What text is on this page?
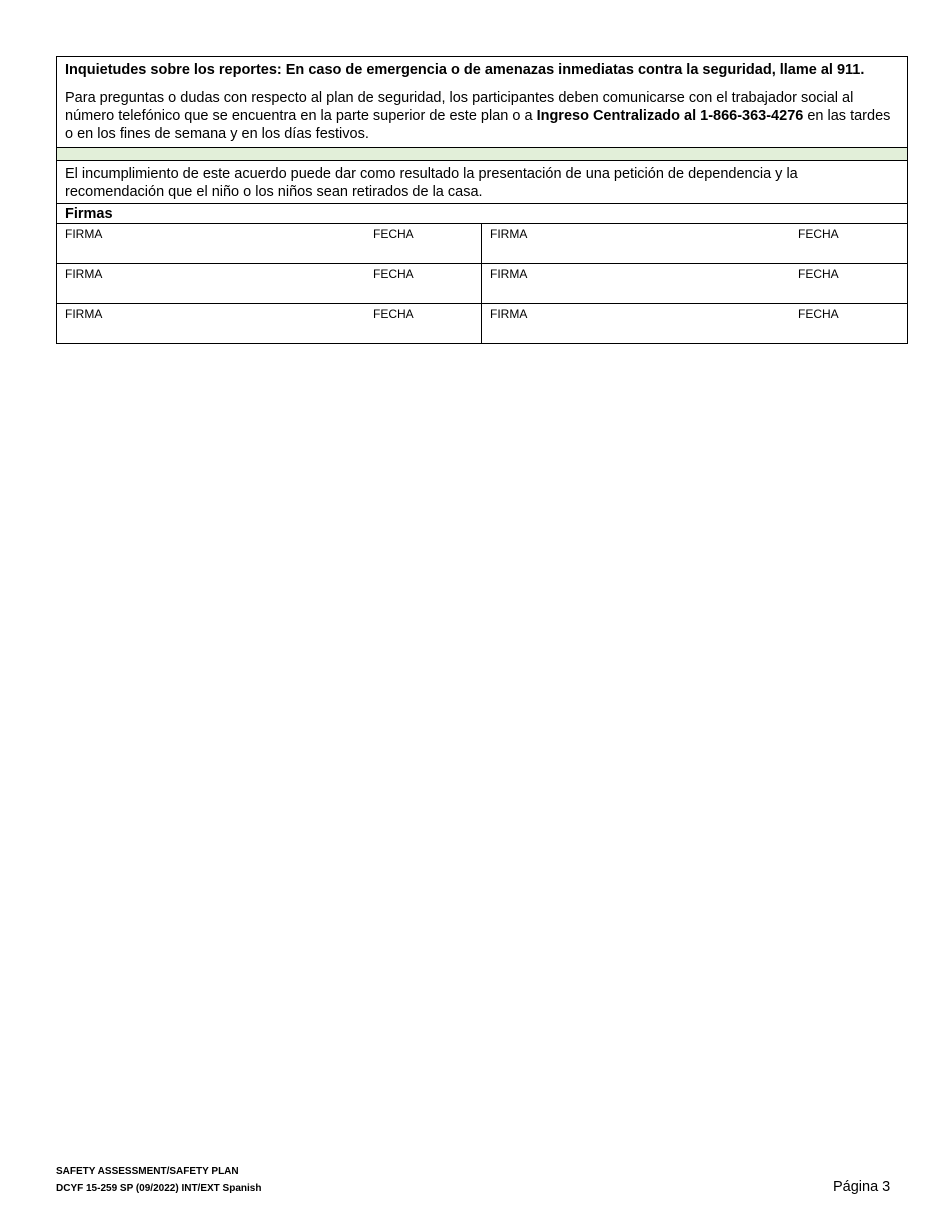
Inquietudes sobre los reportes: En caso de emergencia o de amenazas inmediatas contra la seguridad, llame al 911.
Para preguntas o dudas con respecto al plan de seguridad, los participantes deben comunicarse con el trabajador social al número telefónico que se encuentra en la parte superior de este plan o a Ingreso Centralizado al 1-866-363-4276 en las tardes o en los fines de semana y en los días festivos.
El incumplimiento de este acuerdo puede dar como resultado la presentación de una petición de dependencia y la recomendación que el niño o los niños sean retirados de la casa.
Firmas
FIRMA	FECHA	FIRMA	FECHA
FIRMA	FECHA	FIRMA	FECHA
FIRMA	FECHA	FIRMA	FECHA
SAFETY ASSESSMENT/SAFETY PLAN
DCYF 15-259 SP (09/2022) INT/EXT Spanish	Página 3
